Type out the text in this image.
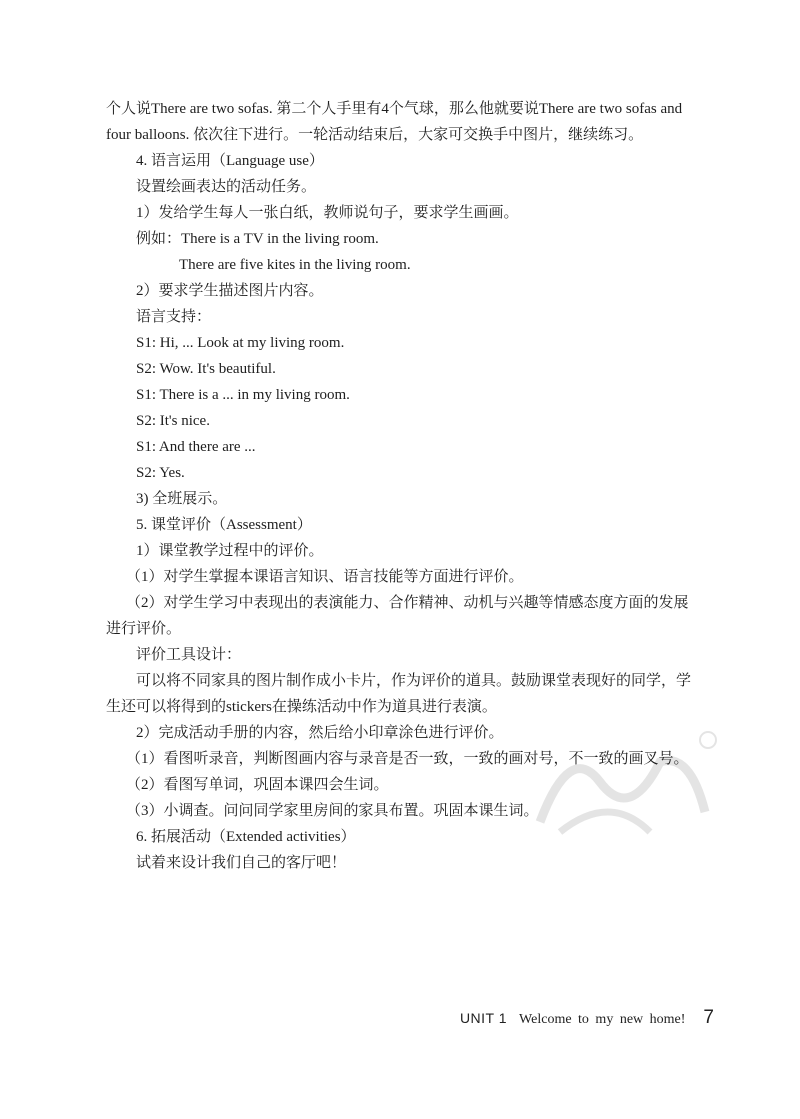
个人说There are two sofas. 第二个人手里有4个气球，那么他就要说There are two sofas and
four balloons. 依次往下进行。一轮活动结束后，大家可交换手中图片，继续练习。
4. 语言运用（Language use）
设置绘画表达的活动任务。
1）发给学生每人一张白纸，教师说句子，要求学生画画。
例如：There is a TV in the living room.
There are five kites in the living room.
2）要求学生描述图片内容。
语言支持：
S1: Hi, ... Look at my living room.
S2: Wow. It's beautiful.
S1: There is a ... in my living room.
S2: It's nice.
S1: And there are ...
S2: Yes.
3) 全班展示。
5. 课堂评价（Assessment）
1）课堂教学过程中的评价。
（1）对学生掌握本课语言知识、语言技能等方面进行评价。
（2）对学生学习中表现出的表演能力、合作精神、动机与兴趣等情感态度方面的发展
进行评价。
评价工具设计：
可以将不同家具的图片制作成小卡片，作为评价的道具。鼓励课堂表现好的同学，学
生还可以将得到的stickers在操练活动中作为道具进行表演。
2）完成活动手册的内容，然后给小印章涂色进行评价。
（1）看图听录音，判断图画内容与录音是否一致，一致的画对号，不一致的画叉号。
（2）看图写单词，巩固本课四会生词。
（3）小调查。问问同学家里房间的家具布置。巩固本课生词。
6. 拓展活动（Extended activities）
试着来设计我们自己的客厅吧！
UNIT 1 Welcome to my new home! 7
